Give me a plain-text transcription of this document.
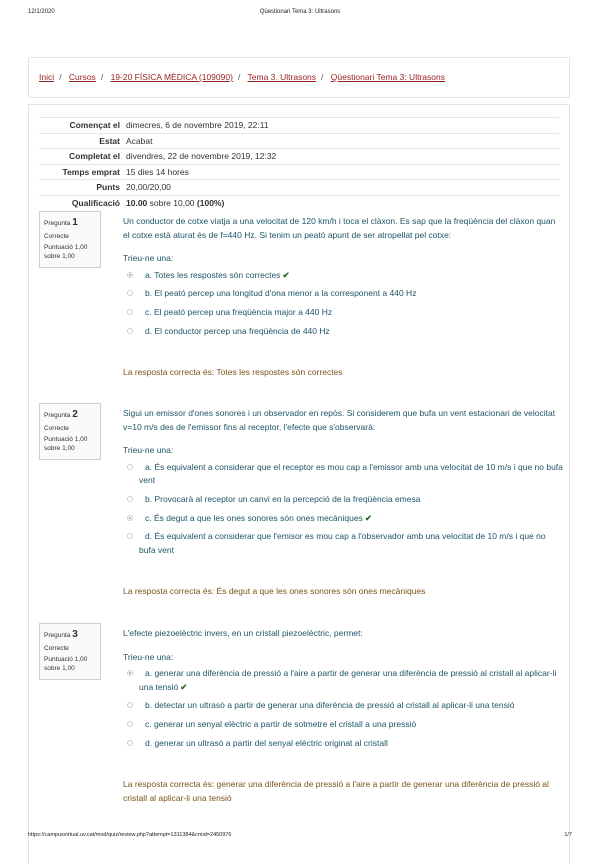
12/1/2020	Qüestionari Tema 3: Ultrasons
Inici / Cursos / 19-20 FÍSICA MÈDICA (109090) / Tema 3. Ultrasons / Qüestionari Tema 3: Ultrasons
Començat el	dimecres, 6 de novembre 2019, 22:11
Estat	Acabat
Completat el	divendres, 22 de novembre 2019, 12:32
Temps emprat	15 dies 14 hores
Punts	20,00/20,00
Qualificació	10.00 sobre 10,00 (100%)
Pregunta 1
Correcte
Puntuació 1,00 sobre 1,00
Un conductor de cotxe viatja a una velocitat de 120 km/h i toca el clàxon. Es sap que la freqüència del clàxon quan el cotxe està aturat és de f=440 Hz. Si tenim un peató apunt de ser atropellat pel cotxe:
Trieu-ne una:
a. Totes les respostes són correctes ✔
b. El peató percep una longitud d'ona menor a la corresponent a 440 Hz
c. El peató percep una freqüència major a 440 Hz
d. El conductor percep una freqüència de 440 Hz
La resposta correcta és: Totes les respostes són correctes
Pregunta 2
Correcte
Puntuació 1,00 sobre 1,00
Sigui un emissor d'ones sonores i un observador en repòs. Si considerem que bufa un vent estacionari de velocitat v=10 m/s des de l'emissor fins al receptor, l'efecte que s'observarà:
Trieu-ne una:
a. És equivalent a considerar que el receptor es mou cap a l'emissor amb una velocitat de 10 m/s i que no bufa vent
b. Provocarà al receptor un canvi en la percepció de la freqüència emesa
c. És degut a que les ones sonores són ones mecàniques ✔
d. És equivalent a considerar que l'emisor es mou cap a l'observador amb una velocitat de 10 m/s i que no bufa vent
La resposta correcta és: És degut a que les ones sonores són ones mecàniques
Pregunta 3
Correcte
Puntuació 1,00 sobre 1,00
L'efecte piezoelèctric invers, en un cristall piezoelèctric, permet:
Trieu-ne una:
a. generar una diferència de pressió a l'aire a partir de generar una diferència de pressió al cristall al aplicar-li una tensió ✔
b. detectar un ultrasò a partir de generar una diferència de pressió al cristall al aplicar-li una tensió
c. generar un senyal elèctric a partir de sotmetre el cristall a una pressió
d. generar un ultrasò a partir del senyal elèctric originat al cristall
La resposta correcta és: generar una diferència de pressió a l'aire a partir de generar una diferència de pressió al cristall al aplicar-li una tensió
https://campusvirtual.uv.cat/mod/quiz/review.php?attempt=1311384&cmid=2450976	1/7
